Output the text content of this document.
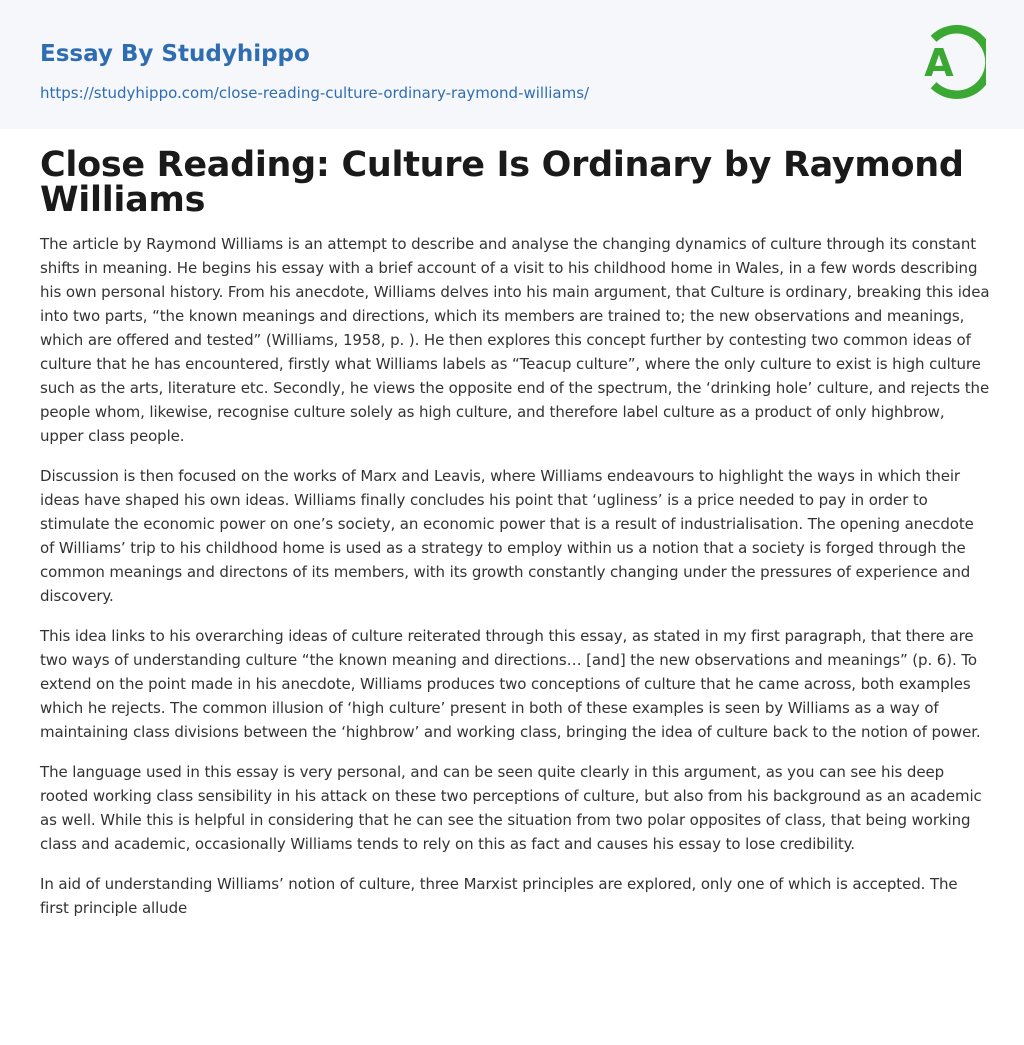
Essay By Studyhippo
https://studyhippo.com/close-reading-culture-ordinary-raymond-williams/
A
Close Reading: Culture Is Ordinary by Raymond Williams

The article by Raymond Williams is an attempt to describe and analyse the changing dynamics of culture through its constant shifts in meaning. He begins his essay with a brief account of a visit to his childhood home in Wales, in a few words describing his own personal history. From his anecdote, Williams delves into his main argument, that Culture is ordinary, breaking this idea into two parts, “the known meanings and directions, which its members are trained to; the new observations and meanings, which are offered and tested” (Williams, 1958, p. ). He then explores this concept further by contesting two common ideas of culture that he has encountered, firstly what Williams labels as “Teacup culture”, where the only culture to exist is high culture such as the arts, literature etc. Secondly, he views the opposite end of the spectrum, the ‘drinking hole’ culture, and rejects the people whom, likewise, recognise culture solely as high culture, and therefore label culture as a product of only highbrow, upper class people.

Discussion is then focused on the works of Marx and Leavis, where Williams endeavours to highlight the ways in which their ideas have shaped his own ideas. Williams finally concludes his point that ‘ugliness’ is a price needed to pay in order to stimulate the economic power on one’s society, an economic power that is a result of industrialisation. The opening anecdote of Williams’ trip to his childhood home is used as a strategy to employ within us a notion that a society is forged through the common meanings and directons of its members, with its growth constantly changing under the pressures of experience and discovery.

This idea links to his overarching ideas of culture reiterated through this essay, as stated in my first paragraph, that there are two ways of understanding culture “the known meaning and directions… [and] the new observations and meanings” (p. 6). To extend on the point made in his anecdote, Williams produces two conceptions of culture that he came across, both examples which he rejects. The common illusion of ‘high culture’ present in both of these examples is seen by Williams as a way of maintaining class divisions between the ‘highbrow’ and working class, bringing the idea of culture back to the notion of power.

The language used in this essay is very personal, and can be seen quite clearly in this argument, as you can see his deep rooted working class sensibility in his attack on these two perceptions of culture, but also from his background as an academic as well. While this is helpful in considering that he can see the situation from two polar opposites of class, that being working class and academic, occasionally Williams tends to rely on this as fact and causes his essay to lose credibility.

In aid of understanding Williams’ notion of culture, three Marxist principles are explored, only one of which is accepted. The first principle allude
